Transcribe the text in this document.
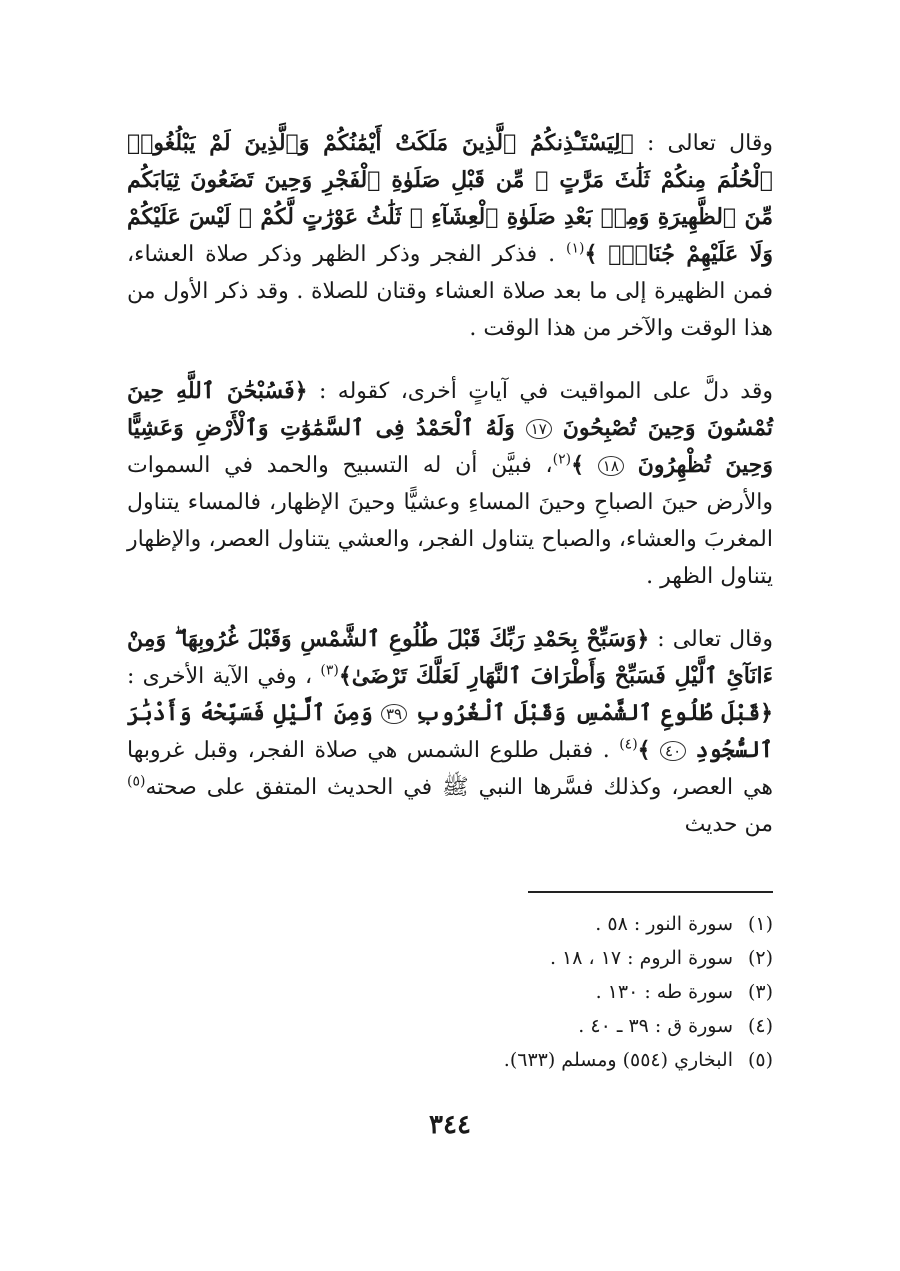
وقال تعالى : ﴿لِيَسْتَـْٔذِنكُمُ ٱلَّذِينَ مَلَكَتْ أَيْمَٰنُكُمْ وَٱلَّذِينَ لَمْ يَبْلُغُوا۟ ٱلْحُلُمَ مِنكُمْ ثَلَٰثَ مَرَّٰتٍ ۚ مِّن قَبْلِ صَلَوٰةِ ٱلْفَجْرِ وَحِينَ تَضَعُونَ ثِيَابَكُم مِّنَ ٱلظَّهِيرَةِ وَمِنۢ بَعْدِ صَلَوٰةِ ٱلْعِشَآءِ ۚ ثَلَٰثُ عَوْرَٰتٍ لَّكُمْ ۚ لَيْسَ عَلَيْكُمْ وَلَا عَلَيْهِمْ جُنَاحٌۢ ﴾$^{(١)}$ . فذكر الفجر وذكر الظهر وذكر صلاة العشاء، فمن الظهيرة إلى ما بعد صلاة العشاء وقتان للصلاة . وقد ذكر الأول من هذا الوقت والآخر من هذا الوقت .

وقد دلَّ على المواقيت في آياتٍ أخرى، كقوله : ﴿فَسُبْحَٰنَ ٱللَّهِ حِينَ تُمْسُونَ وَحِينَ تُصْبِحُونَ ١٧ وَلَهُ ٱلْحَمْدُ فِى ٱلسَّمَٰوَٰتِ وَٱلْأَرْضِ وَعَشِيًّا وَحِينَ تُظْهِرُونَ ١٨ ﴾$^{(٢)}$، فبيَّن أن له التسبيح والحمد في السموات والأرض حينَ الصباحِ وحينَ المساءِ وعشيًّا وحينَ الإظهار، فالمساء يتناول المغربَ والعشاء، والصباح يتناول الفجر، والعشي يتناول العصر، والإظهار يتناول الظهر .

وقال تعالى : ﴿وَسَبِّحْ بِحَمْدِ رَبِّكَ قَبْلَ طُلُوعِ ٱلشَّمْسِ وَقَبْلَ غُرُوبِهَا ۖ وَمِنْ ءَانَآئِ ٱلَّيْلِ فَسَبِّحْ وَأَطْرَافَ ٱلنَّهَارِ لَعَلَّكَ تَرْضَىٰ﴾$^{(٣)}$ ، وفي الآية الأخرى : ﴿قَبْلَ طُلُوعِ ٱلشَّمْسِ وَقَبْلَ ٱلْغُرُوبِ ٣٩ وَمِنَ ٱلَّيْلِ فَسَبِّحْهُ وَأَدْبَٰرَ ٱلسُّجُودِ ٤٠ ﴾$^{(٤)}$ . فقبل طلوع الشمس هي صلاة الفجر، وقبل غروبها هي العصر، وكذلك فسَّرها النبي ﷺ في الحديث المتفق على صحته$^{(٥)}$ من حديث

(١)
سورة النور : ٥٨ .
(٢)
سورة الروم : ١٧ ، ١٨ .
(٣)
سورة طه : ١٣٠ .
(٤)
سورة ق : ٣٩ ـ ٤٠ .
(٥)
البخاري (٥٥٤) ومسلم (٦٣٣).
٣٤٤
